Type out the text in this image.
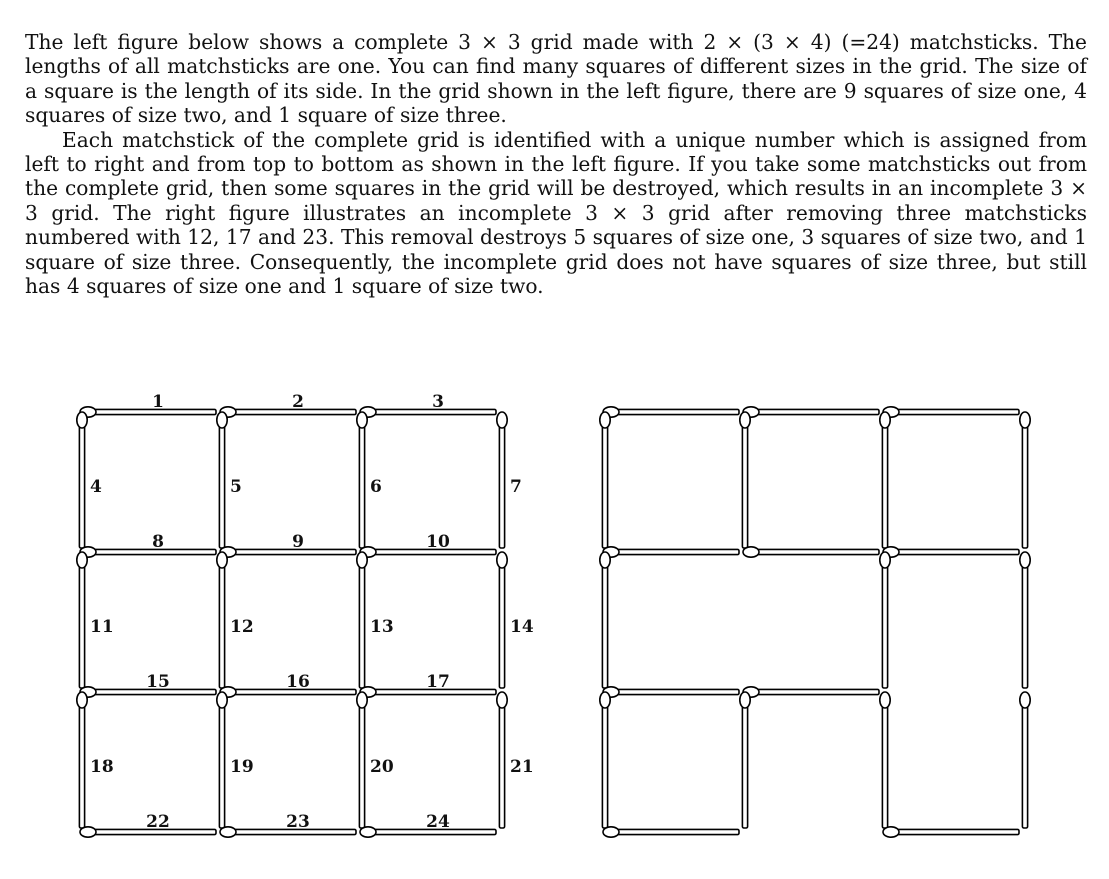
The left figure below shows a complete 3 × 3 grid made with 2 × (3 × 4) (=24) matchsticks. The lengths of all matchsticks are one. You can find many squares of different sizes in the grid. The size of a square is the length of its side. In the grid shown in the left figure, there are 9 squares of size one, 4 squares of size two, and 1 square of size three.

Each matchstick of the complete grid is identified with a unique number which is assigned from left to right and from top to bottom as shown in the left figure. If you take some matchsticks out from the complete grid, then some squares in the grid will be destroyed, which results in an incomplete 3 × 3 grid. The right figure illustrates an incomplete 3 × 3 grid after removing three matchsticks numbered with 12, 17 and 23. This removal destroys 5 squares of size one, 3 squares of size two, and 1 square of size three. Consequently, the incomplete grid does not have squares of size three, but still has 4 squares of size one and 1 square of size two.

1	2	3
4	5	6	7
8	9	10
11	12	13	14
15	16	17
18	19	20	21
22	23	24
